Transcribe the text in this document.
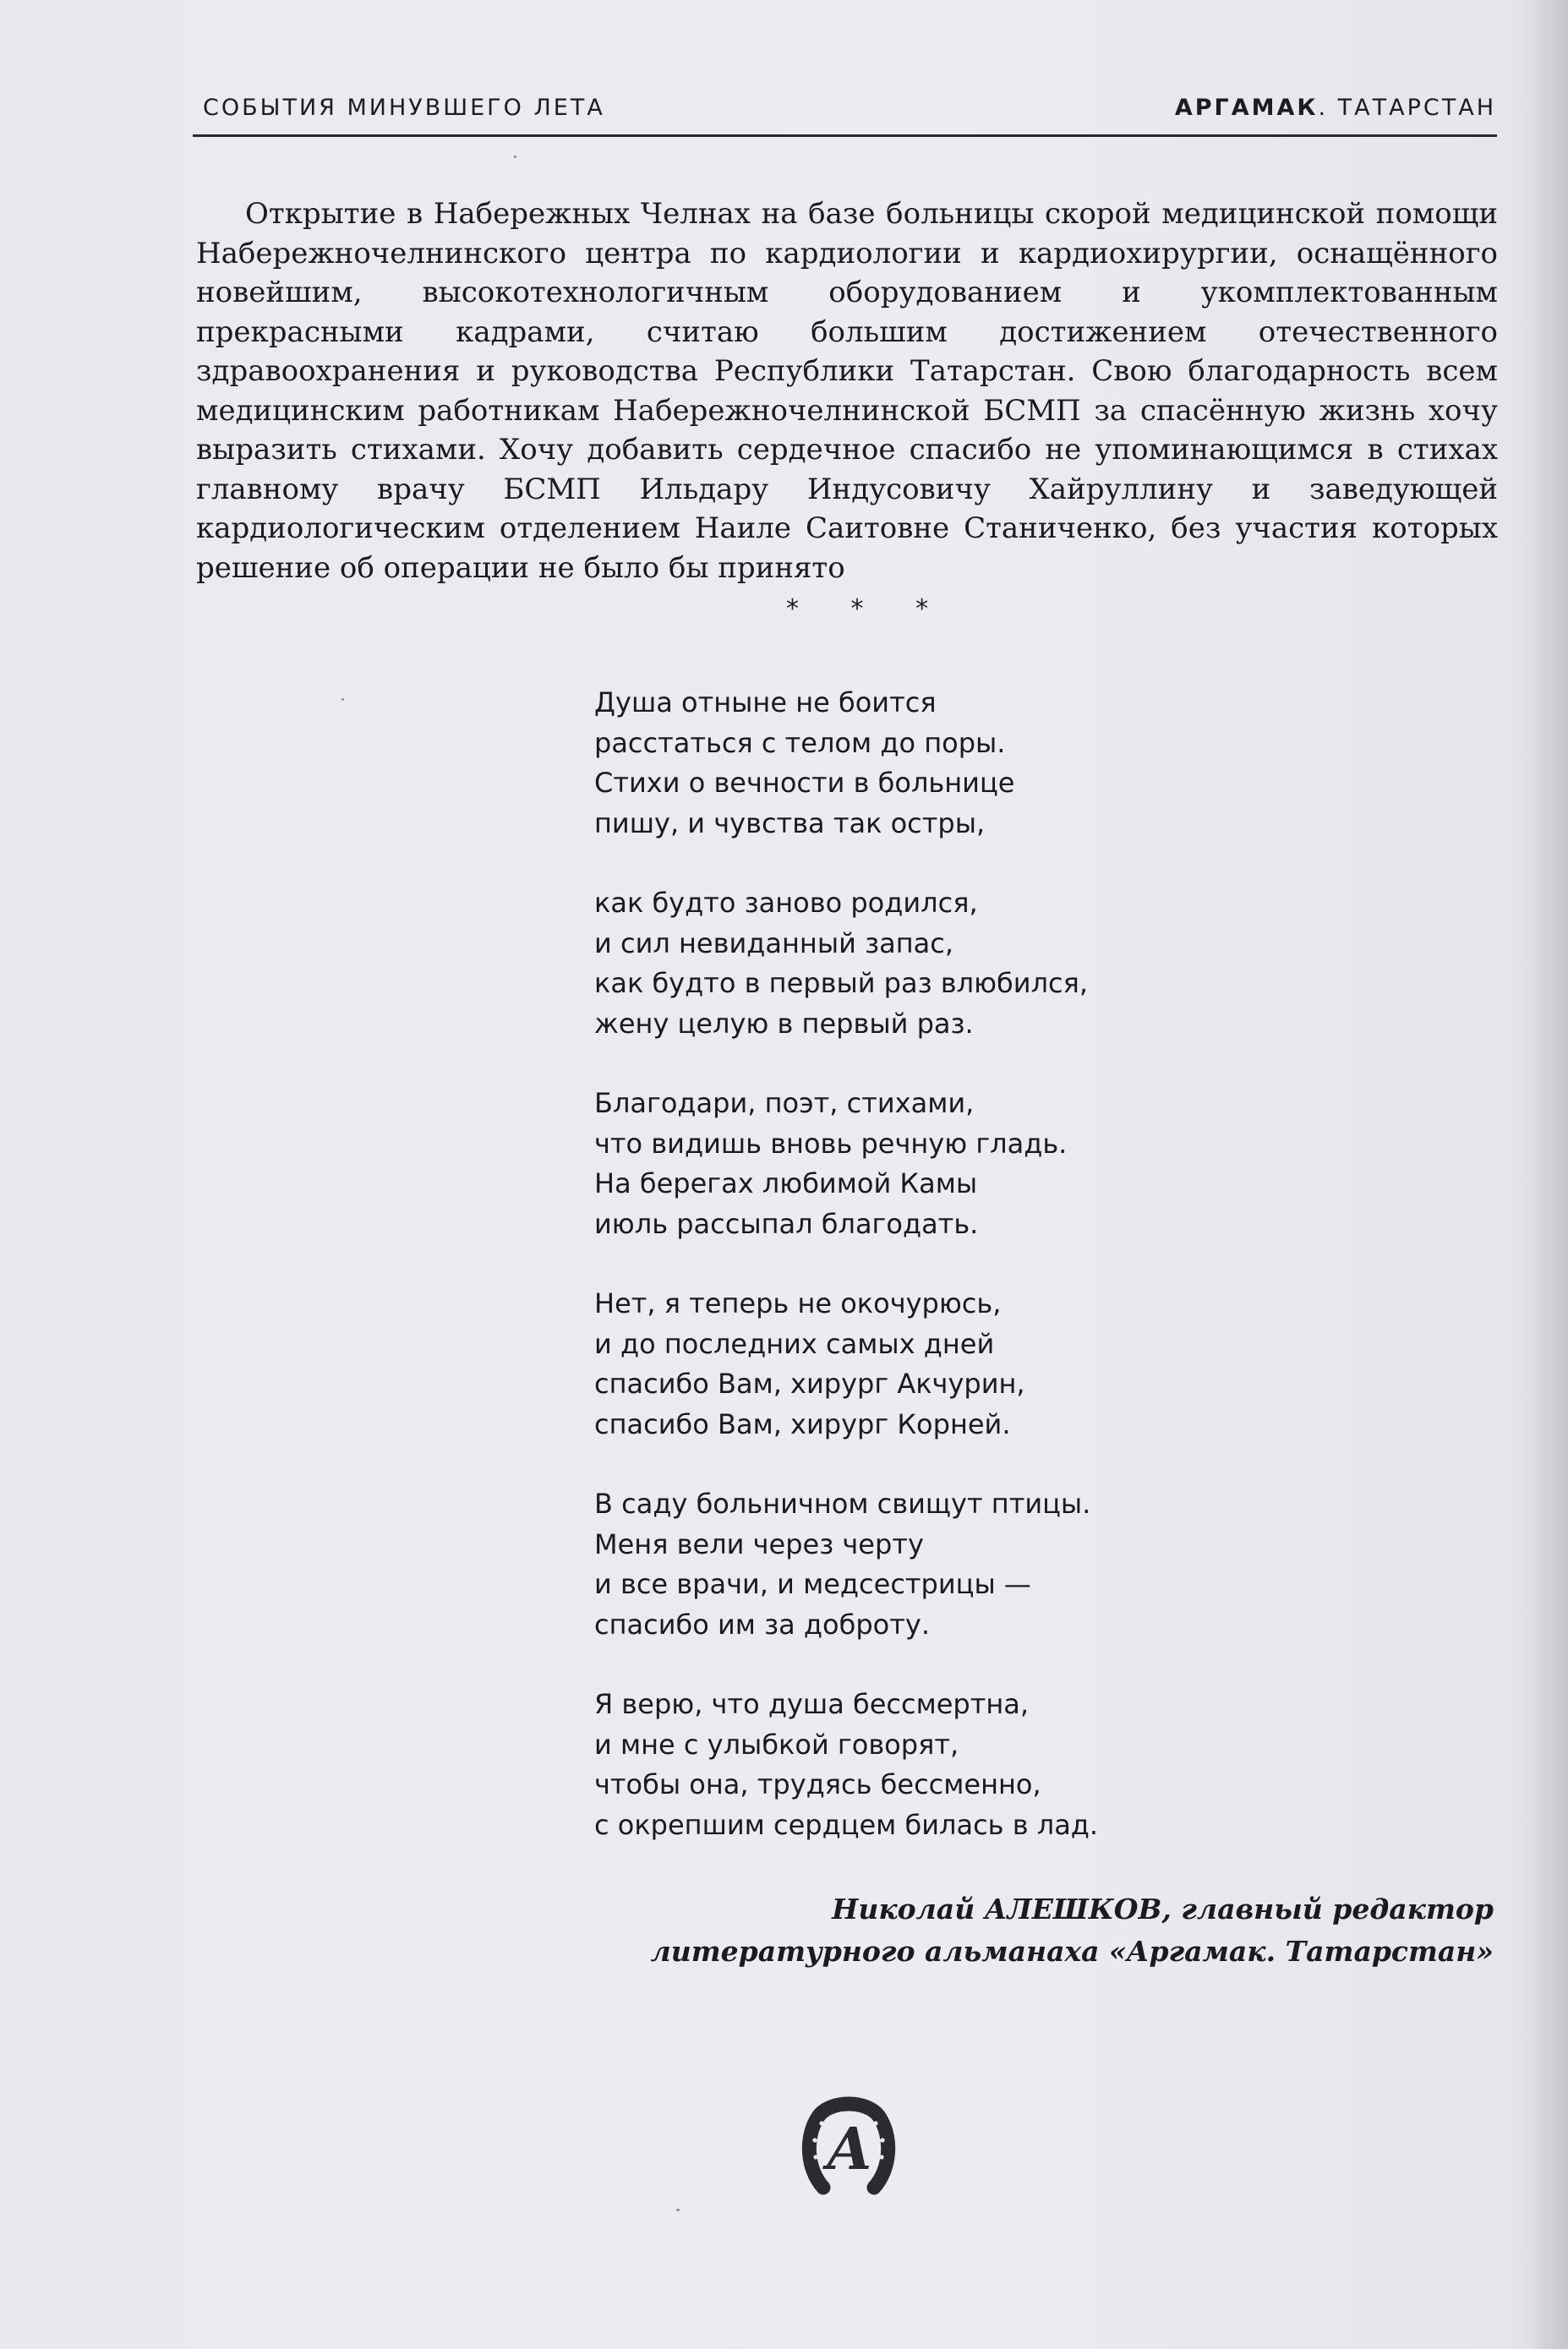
СОБЫТИЯ МИНУВШЕГО ЛЕТА	АРГАМАК. ТАТАРСТАН

Открытие в Набережных Челнах на базе больницы скорой медицинской помощи Набережночелнинского центра по кардиологии и кардиохирургии, оснащённого новейшим, высокотехнологичным оборудованием и укомплектованным прекрасными кадрами, считаю большим достижением отечественного здравоохранения и руководства Республики Татарстан. Свою благодарность всем медицинским работникам Набережночелнинской БСМП за спасённую жизнь хочу выразить стихами. Хочу добавить сердечное спасибо не упоминающимся в стихах главному врачу БСМП Ильдару Индусовичу Хайруллину и заведующей кардиологическим отделением Наиле Саитовне Станиченко, без участия которых решение об операции не было бы принято

* * *
Душа отныне не боится
расстаться с телом до поры.
Стихи о вечности в больнице
пишу, и чувства так остры,
как будто заново родился,
и сил невиданный запас,
как будто в первый раз влюбился,
жену целую в первый раз.
Благодари, поэт, стихами,
что видишь вновь речную гладь.
На берегах любимой Камы
июль рассыпал благодать.
Нет, я теперь не окочурюсь,
и до последних самых дней
спасибо Вам, хирург Акчурин,
спасибо Вам, хирург Корней.
В саду больничном свищут птицы.
Меня вели через черту
и все врачи, и медсестрицы —
спасибо им за доброту.
Я верю, что душа бессмертна,
и мне с улыбкой говорят,
чтобы она, трудясь бессменно,
с окрепшим сердцем билась в лад.
Николай АЛЕШКОВ, главный редактор
литературного альманаха «Аргамак. Татарстан»
А
